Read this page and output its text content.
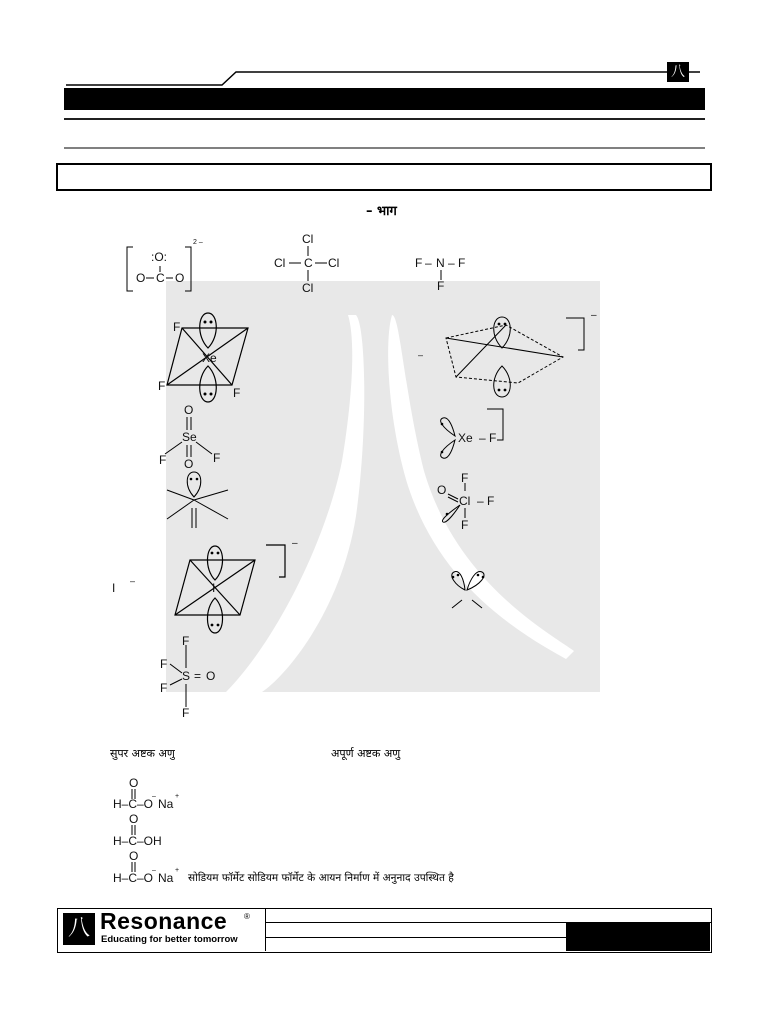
八
– भाग
:O:
C
O O
2 –	Cl
C
Cl	Cl
Cl
F – N – F
F
Xe
F
F	F
O
Se
O
F	F
I –	I
–
F
F
S = O
F
F
–
–
Xe – F
F
O
Cl – F
F
सुपर अष्टक अणु	अपूर्ण अष्टक अणु
O
H–C–O
–
Na
+
O
H–C–OH
O
H–C–O
–
Na
+
सोडियम फॉर्मेट सोडियम फॉर्मेट के आयन निर्माण में अनुनाद उपस्थित है
八 Resonance ®
Educating for better tomorrow
